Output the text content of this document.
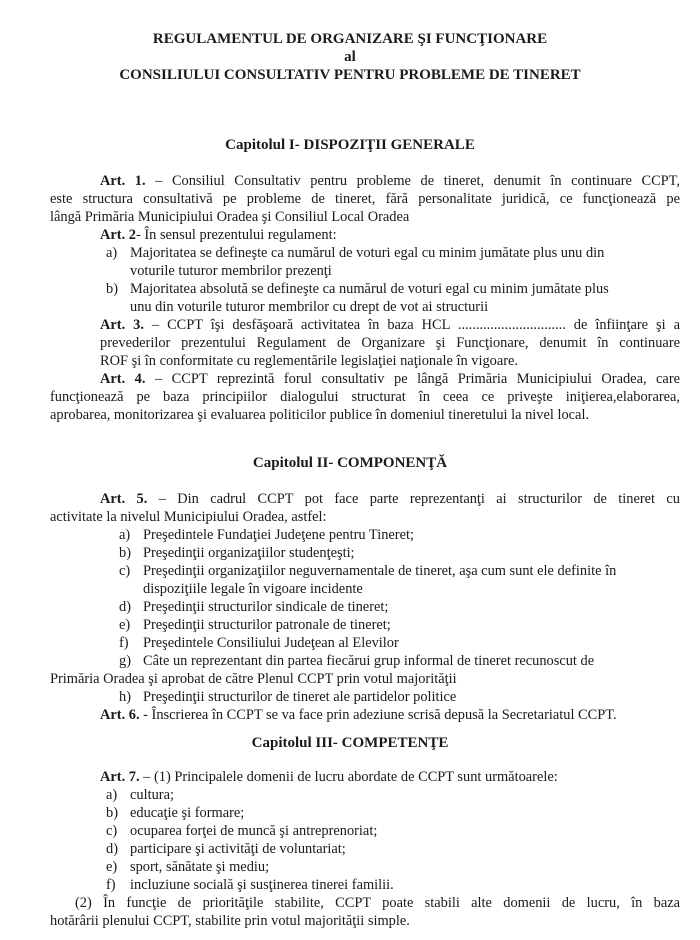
REGULAMENTUL DE ORGANIZARE ŞI FUNCŢIONARE
al
CONSILIULUI CONSULTATIV PENTRU PROBLEME DE TINERET
Capitolul I- DISPOZIŢII GENERALE
Art. 1. – Consiliul Consultativ pentru probleme de tineret, denumit în continuare CCPT,
este structura consultativă pe probleme de tineret, fără personalitate juridică, ce funcţionează pe
lângă Primăria Municipiului Oradea şi Consiliul Local Oradea
Art. 2- În sensul prezentului regulament:
a) Majoritatea se defineşte ca numărul de voturi egal cu minim jumătate plus unu din
voturile tuturor membrilor prezenţi
b) Majoritatea absolută se defineşte ca numărul de voturi egal cu minim jumătate plus
unu din voturile tuturor membrilor cu drept de vot ai structurii
Art. 3. – CCPT îşi desfăşoară activitatea în baza HCL .............................. de înfiinţare şi a
prevederilor prezentului Regulament de Organizare şi Funcţionare, denumit în continuare
ROF şi în conformitate cu reglementările legislaţiei naţionale în vigoare.
Art. 4. – CCPT reprezintă forul consultativ pe lângă Primăria Municipiului Oradea, care
funcţionează pe baza principiilor dialogului structurat în ceea ce priveşte iniţierea,elaborarea,
aprobarea, monitorizarea şi evaluarea politicilor publice în domeniul tineretului la nivel local.
Capitolul II- COMPONENŢĂ
Art. 5. – Din cadrul CCPT pot face parte reprezentanţi ai structurilor de tineret cu
activitate la nivelul Municipiului Oradea, astfel:
a) Preşedintele Fundaţiei Judeţene pentru Tineret;
b) Preşedinţii organizaţiilor studenţeşti;
c) Preşedinţii organizaţiilor neguvernamentale de tineret, aşa cum sunt ele definite în
dispoziţiile legale în vigoare incidente
d) Preşedinţii structurilor sindicale de tineret;
e) Preşedinţii structurilor patronale de tineret;
f) Preşedintele Consiliului Judeţean al Elevilor
g) Câte un reprezentant din partea fiecărui grup informal de tineret recunoscut de
Primăria Oradea şi aprobat de către Plenul CCPT prin votul majorităţii
h) Preşedinţii structurilor de tineret ale partidelor politice
Art. 6. - Înscrierea în CCPT se va face prin adeziune scrisă depusă la Secretariatul CCPT.
Capitolul III- COMPETENŢE
Art. 7. – (1) Principalele domenii de lucru abordate de CCPT sunt următoarele:
a) cultura;
b) educaţie şi formare;
c) ocuparea forţei de muncă şi antreprenoriat;
d) participare şi activităţi de voluntariat;
e) sport, sănătate şi mediu;
f) incluziune socială şi susţinerea tinerei familii.
(2) În funcţie de priorităţile stabilite, CCPT poate stabili alte domenii de lucru, în baza
hotărârii plenului CCPT, stabilite prin votul majorităţii simple.
